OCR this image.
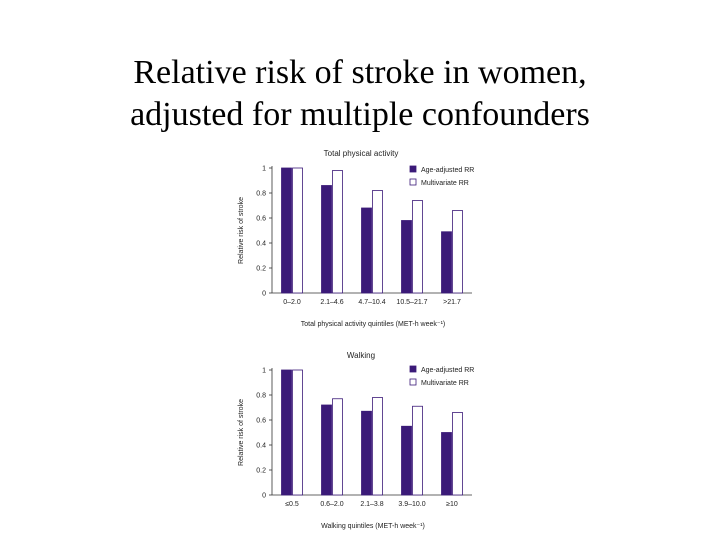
Relative risk of stroke in women,
adjusted for multiple confounders
Total physical activity
Relative risk of stroke
0
0.2
0.4
0.6
0.8
1
0–2.0	2.1–4.6 4.7–10.4 10.5–21.7 >21.7
Total physical activity quintiles (MET-h week⁻¹)
Age-adjusted RR
Multivariate RR
Walking
Relative risk of stroke
0
0.2
0.4
0.6
0.8
1
≤0.5	0.6–2.0 2.1–3.8 3.9–10.0	≥10
Walking quintiles (MET-h week⁻¹)
Age-adjusted RR
Multivariate RR
